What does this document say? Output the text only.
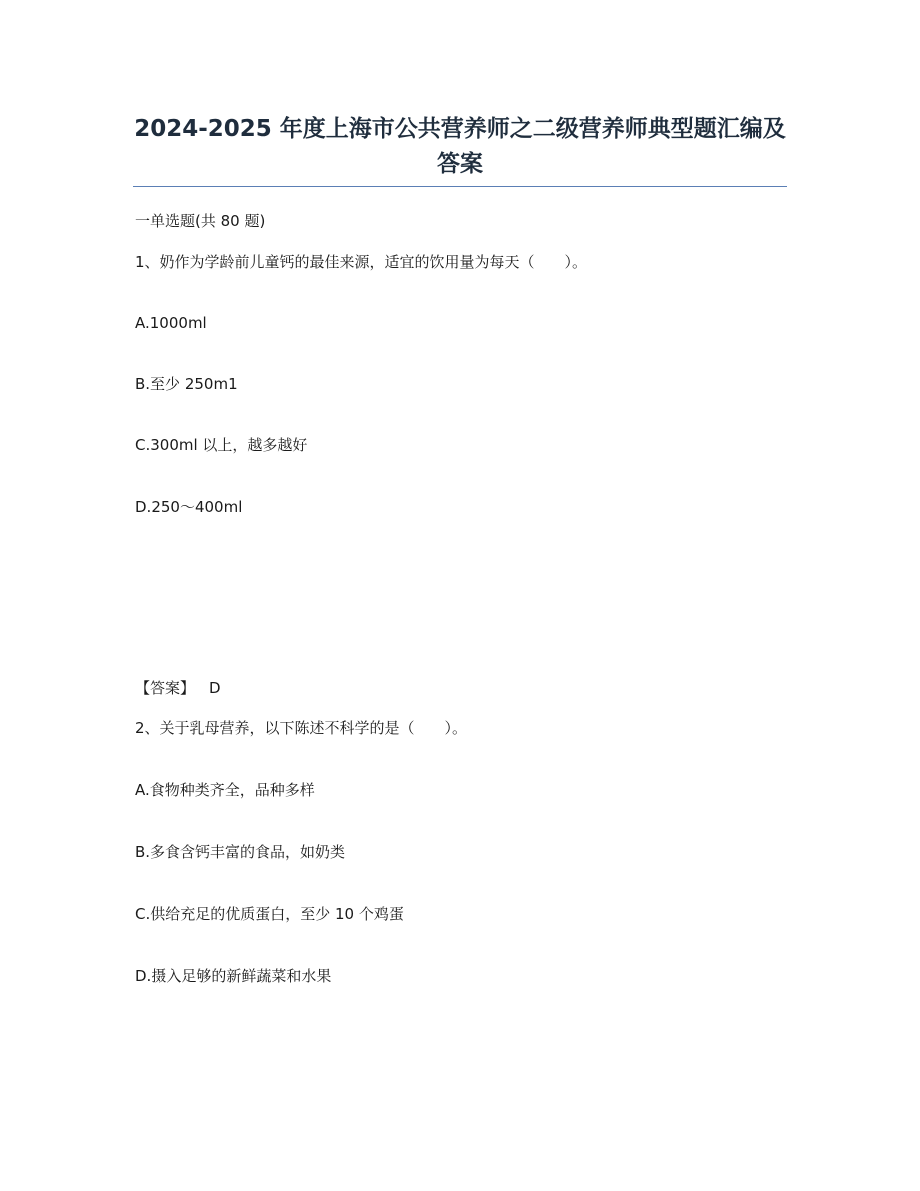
2024-2025 年度上海市公共营养师之二级营养师典型题汇编及答案
一单选题(共 80 题)
1、奶作为学龄前儿童钙的最佳来源，适宜的饮用量为每天（　　）。
A.1000ml
B.至少 250m1
C.300ml 以上，越多越好
D.250～400ml
【答案】 D
2、关于乳母营养，以下陈述不科学的是（　　）。
A.食物种类齐全，品种多样
B.多食含钙丰富的食品，如奶类
C.供给充足的优质蛋白，至少 10 个鸡蛋
D.摄入足够的新鲜蔬菜和水果
